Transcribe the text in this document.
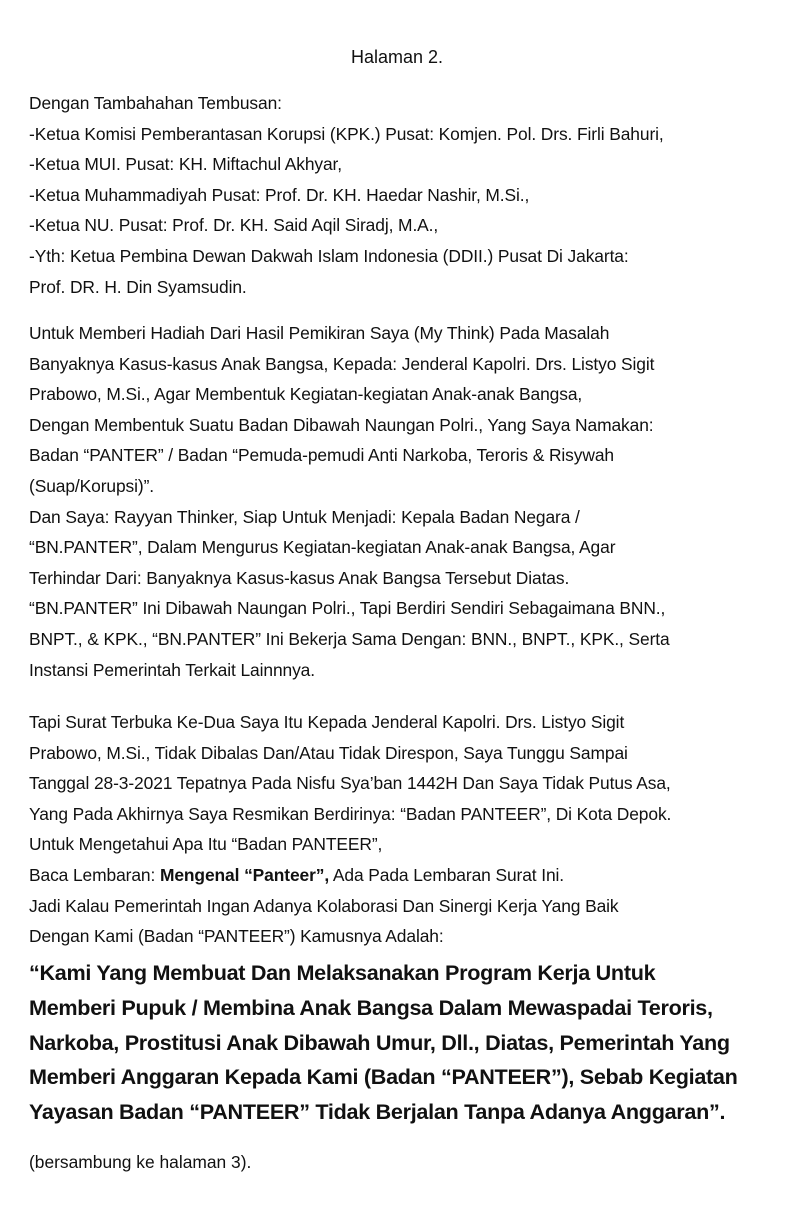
Halaman 2.
Dengan Tambahahan Tembusan:
-Ketua Komisi Pemberantasan Korupsi (KPK.) Pusat: Komjen. Pol. Drs. Firli Bahuri,
-Ketua MUI. Pusat: KH. Miftachul Akhyar,
-Ketua Muhammadiyah Pusat: Prof. Dr. KH. Haedar Nashir, M.Si.,
-Ketua NU. Pusat: Prof. Dr. KH. Said Aqil Siradj, M.A.,
-Yth: Ketua Pembina Dewan Dakwah Islam Indonesia (DDII.) Pusat Di Jakarta:
Prof. DR. H. Din Syamsudin.
Untuk Memberi Hadiah Dari Hasil Pemikiran Saya (My Think) Pada Masalah
Banyaknya Kasus-kasus Anak Bangsa, Kepada: Jenderal Kapolri. Drs. Listyo Sigit
Prabowo, M.Si., Agar Membentuk Kegiatan-kegiatan Anak-anak Bangsa,
Dengan Membentuk Suatu Badan Dibawah Naungan Polri., Yang Saya Namakan:
Badan “PANTER” / Badan “Pemuda-pemudi Anti Narkoba, Teroris & Risywah
(Suap/Korupsi)”.
Dan Saya: Rayyan Thinker, Siap Untuk Menjadi: Kepala Badan Negara /
“BN.PANTER”, Dalam Mengurus Kegiatan-kegiatan Anak-anak Bangsa, Agar
Terhindar Dari: Banyaknya Kasus-kasus Anak Bangsa Tersebut Diatas.
“BN.PANTER” Ini Dibawah Naungan Polri., Tapi Berdiri Sendiri Sebagaimana BNN.,
BNPT., & KPK., “BN.PANTER” Ini Bekerja Sama Dengan: BNN., BNPT., KPK., Serta
Instansi Pemerintah Terkait Lainnnya.
Tapi Surat Terbuka Ke-Dua Saya Itu Kepada Jenderal Kapolri. Drs. Listyo Sigit
Prabowo, M.Si., Tidak Dibalas Dan/Atau Tidak Direspon, Saya Tunggu Sampai
Tanggal 28-3-2021 Tepatnya Pada Nisfu Sya’ban 1442H Dan Saya Tidak Putus Asa,
Yang Pada Akhirnya Saya Resmikan Berdirinya: “Badan PANTEER”, Di Kota Depok.
Untuk Mengetahui Apa Itu “Badan PANTEER”,
Baca Lembaran: Mengenal “Panteer”, Ada Pada Lembaran Surat Ini.
Jadi Kalau Pemerintah Ingan Adanya Kolaborasi Dan Sinergi Kerja Yang Baik
Dengan Kami (Badan “PANTEER”) Kamusnya Adalah:
“Kami Yang Membuat Dan Melaksanakan Program Kerja Untuk
Memberi Pupuk / Membina Anak Bangsa Dalam Mewaspadai Teroris,
Narkoba, Prostitusi Anak Dibawah Umur, Dll., Diatas, Pemerintah Yang
Memberi Anggaran Kepada Kami (Badan “PANTEER”), Sebab Kegiatan
Yayasan Badan “PANTEER” Tidak Berjalan Tanpa Adanya Anggaran”.
(bersambung ke halaman 3).
